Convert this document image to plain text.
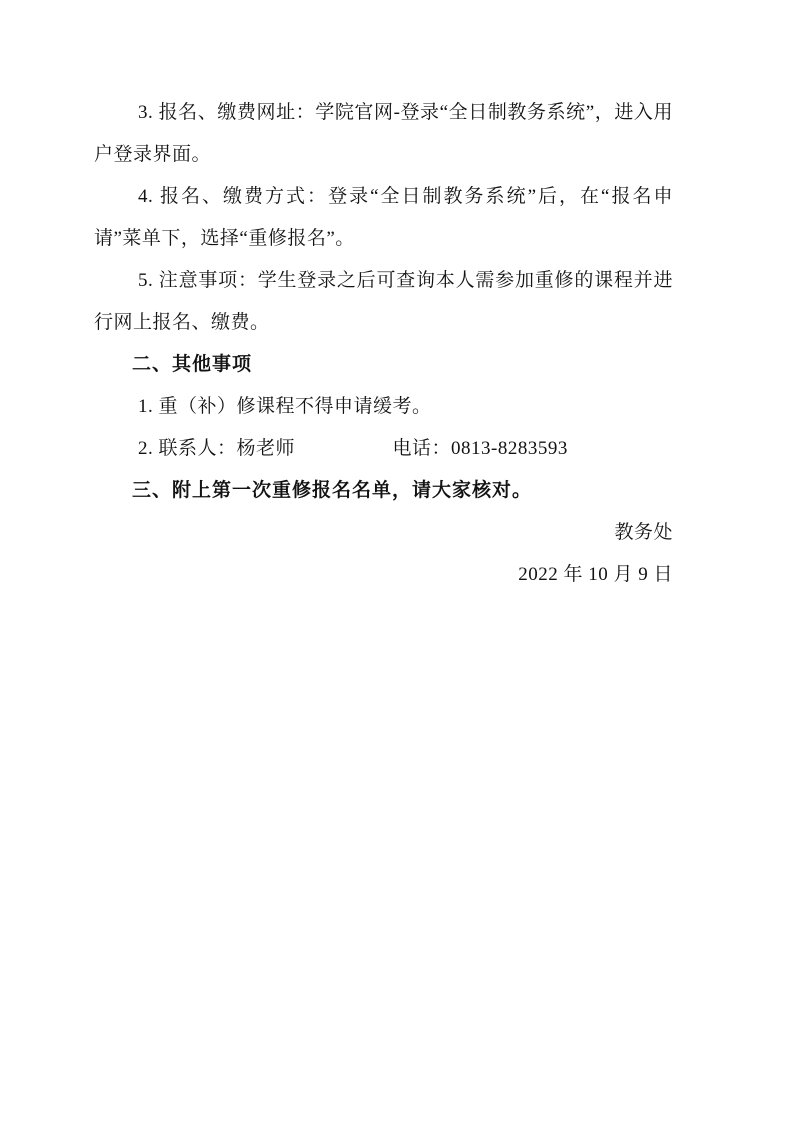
3. 报名、缴费网址：学院官网-登录“全日制教务系统”，进入用户登录界面。

4. 报名、缴费方式：登录“全日制教务系统”后，在“报名申请”菜单下，选择“重修报名”。

5. 注意事项：学生登录之后可查询本人需参加重修的课程并进行网上报名、缴费。

二、其他事项

1. 重（补）修课程不得申请缓考。

2. 联系人：杨老师	电话：0813-8283593

三、附上第一次重修报名名单，请大家核对。

教务处

2022 年 10 月 9 日
